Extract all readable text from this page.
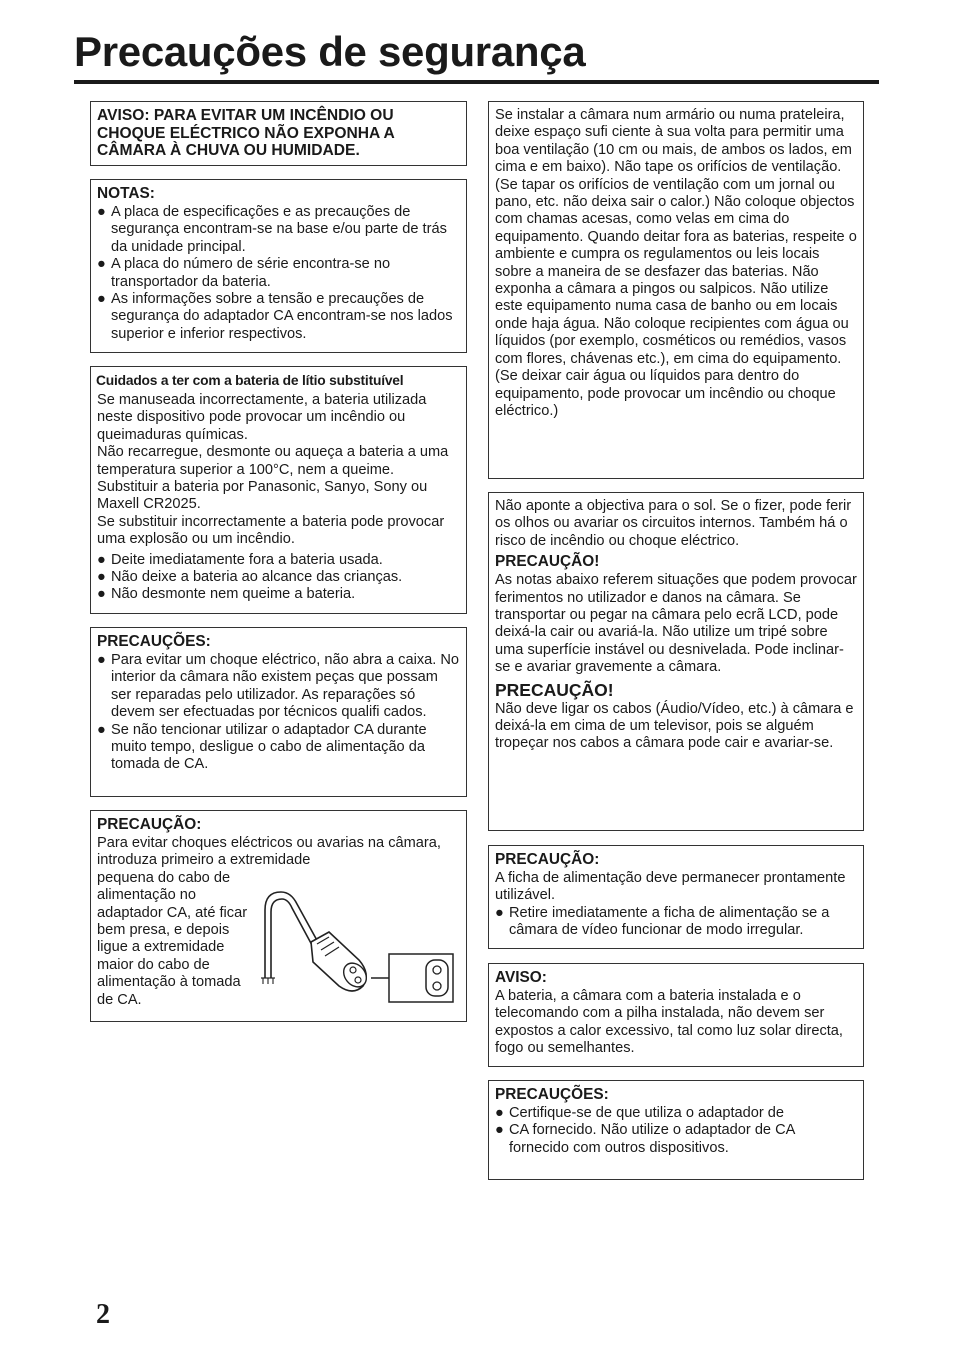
Precauções de segurança

AVISO: PARA EVITAR UM INCÊNDIO OU

CHOQUE ELÉCTRICO NÃO EXPONHA A

CÂMARA À CHUVA OU HUMIDADE.

NOTAS:

● A placa de especificações e as precauções de segurança encontram-se na base e/ou parte de trás da unidade principal.

● A placa do número de série encontra-se no transportador da bateria.

● As informações sobre a tensão e precauções de segurança do adaptador CA encontram-se nos lados superior e inferior respectivos.

Cuidados a ter com a bateria de lítio substituível

Se manuseada incorrectamente, a bateria utilizada neste dispositivo pode provocar um incêndio ou queimaduras químicas.

Não recarregue, desmonte ou aqueça a bateria a uma temperatura superior a 100°C, nem a queime.

Substituir a bateria por Panasonic, Sanyo, Sony ou Maxell CR2025.

Se substituir incorrectamente a bateria pode provocar uma explosão ou um incêndio.

● Deite imediatamente fora a bateria usada.

● Não deixe a bateria ao alcance das crianças.

● Não desmonte nem queime a bateria.

PRECAUÇÕES:

● Para evitar um choque eléctrico, não abra a caixa. No interior da câmara não existem peças que possam ser reparadas pelo utilizador. As reparações só devem ser efectuadas por técnicos qualifi cados.

● Se não tencionar utilizar o adaptador CA durante muito tempo, desligue o cabo de alimentação da tomada de CA.

PRECAUÇÃO:

Para evitar choques eléctricos ou avarias na câmara, introduza primeiro a extremidade

pequena do cabo de alimentação no adaptador CA, até ficar bem presa, e depois ligue a extremidade maior do cabo de alimentação à tomada de CA.

Se instalar a câmara num armário ou numa prateleira, deixe espaço sufi ciente à sua volta para permitir uma boa ventilação (10 cm ou mais, de ambos os lados, em cima e em baixo). Não tape os orifícios de ventilação. (Se tapar os orifícios de ventilação com um jornal ou pano, etc. não deixa sair o calor.) Não coloque objectos com chamas acesas, como velas em cima do equipamento. Quando deitar fora as baterias, respeite o ambiente e cumpra os regulamentos ou leis locais sobre a maneira de se desfazer das baterias. Não exponha a câmara a pingos ou salpicos. Não utilize este equipamento numa casa de banho ou em locais onde haja água. Não coloque recipientes com água ou líquidos (por exemplo, cosméticos ou remédios, vasos com flores, chávenas etc.), em cima do equipamento. (Se deixar cair água ou líquidos para dentro do equipamento, pode provocar um incêndio ou choque eléctrico.)

Não aponte a objectiva para o sol. Se o fizer, pode ferir os olhos ou avariar os circuitos internos. Também há o risco de incêndio ou choque eléctrico.

PRECAUÇÃO!

As notas abaixo referem situações que podem provocar ferimentos no utilizador e danos na câmara. Se transportar ou pegar na câmara pelo ecrã LCD, pode deixá-la cair ou avariá-la. Não utilize um tripé sobre uma superfície instável ou desnivelada. Pode inclinar-se e avariar gravemente a câmara.

PRECAUÇÃO!

Não deve ligar os cabos (Áudio/Vídeo, etc.) à câmara e deixá-la em cima de um televisor, pois se alguém tropeçar nos cabos a câmara pode cair e avariar-se.

PRECAUÇÃO:

A ficha de alimentação deve permanecer prontamente utilizável.

● Retire imediatamente a ficha de alimentação se a câmara de vídeo funcionar de modo irregular.

AVISO:

A bateria, a câmara com a bateria instalada e o telecomando com a pilha instalada, não devem ser expostos a calor excessivo, tal como luz solar directa, fogo ou semelhantes.

PRECAUÇÕES:

● Certifique-se de que utiliza o adaptador de

● CA fornecido. Não utilize o adaptador de CA fornecido com outros dispositivos.

2
